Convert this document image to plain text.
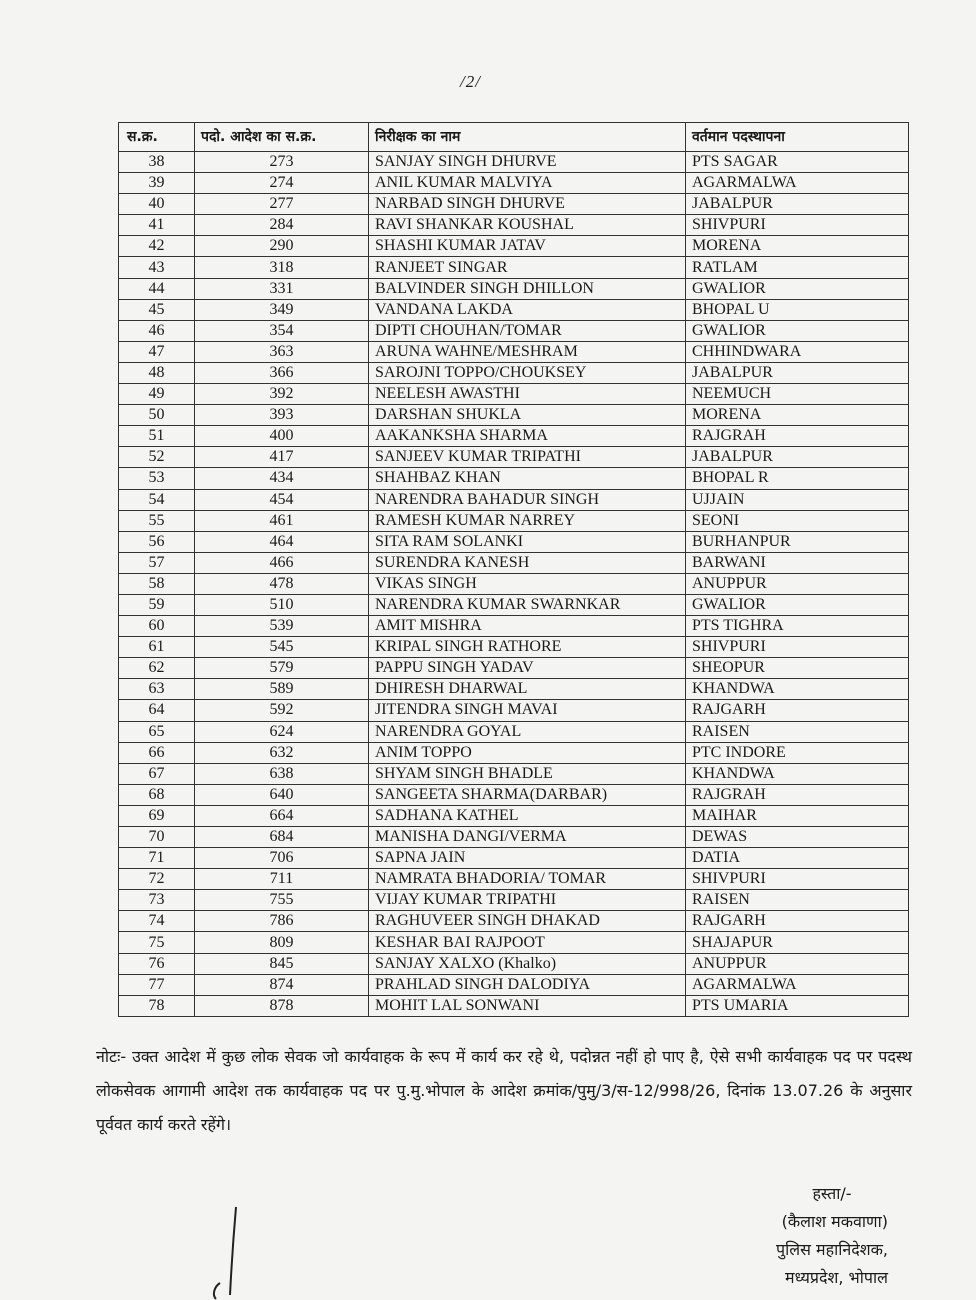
/2/
स.क्र.	पदो. आदेश का स.क्र.	निरीक्षक का नाम	वर्तमान पदस्थापना
38	273	SANJAY SINGH DHURVE	PTS SAGAR
39	274	ANIL KUMAR MALVIYA	AGARMALWA
40	277	NARBAD SINGH DHURVE	JABALPUR
41	284	RAVI SHANKAR KOUSHAL	SHIVPURI
42	290	SHASHI KUMAR JATAV	MORENA
43	318	RANJEET SINGAR	RATLAM
44	331	BALVINDER SINGH DHILLON	GWALIOR
45	349	VANDANA LAKDA	BHOPAL U
46	354	DIPTI CHOUHAN/TOMAR	GWALIOR
47	363	ARUNA WAHNE/MESHRAM	CHHINDWARA
48	366	SAROJNI TOPPO/CHOUKSEY	JABALPUR
49	392	NEELESH AWASTHI	NEEMUCH
50	393	DARSHAN SHUKLA	MORENA
51	400	AAKANKSHA SHARMA	RAJGRAH
52	417	SANJEEV KUMAR TRIPATHI	JABALPUR
53	434	SHAHBAZ KHAN	BHOPAL R
54	454	NARENDRA BAHADUR SINGH	UJJAIN
55	461	RAMESH KUMAR NARREY	SEONI
56	464	SITA RAM SOLANKI	BURHANPUR
57	466	SURENDRA KANESH	BARWANI
58	478	VIKAS SINGH	ANUPPUR
59	510	NARENDRA KUMAR SWARNKAR	GWALIOR
60	539	AMIT MISHRA	PTS TIGHRA
61	545	KRIPAL SINGH RATHORE	SHIVPURI
62	579	PAPPU SINGH YADAV	SHEOPUR
63	589	DHIRESH DHARWAL	KHANDWA
64	592	JITENDRA SINGH MAVAI	RAJGARH
65	624	NARENDRA GOYAL	RAISEN
66	632	ANIM TOPPO	PTC INDORE
67	638	SHYAM SINGH BHADLE	KHANDWA
68	640	SANGEETA SHARMA(DARBAR)	RAJGRAH
69	664	SADHANA KATHEL	MAIHAR
70	684	MANISHA DANGI/VERMA	DEWAS
71	706	SAPNA JAIN	DATIA
72	711	NAMRATA BHADORIA/ TOMAR	SHIVPURI
73	755	VIJAY KUMAR TRIPATHI	RAISEN
74	786	RAGHUVEER SINGH DHAKAD	RAJGARH
75	809	KESHAR BAI RAJPOOT	SHAJAPUR
76	845	SANJAY XALXO (Khalko)	ANUPPUR
77	874	PRAHLAD SINGH DALODIYA	AGARMALWA
78	878	MOHIT LAL SONWANI	PTS UMARIA
नोटः- उक्त आदेश में कुछ लोक सेवक जो कार्यवाहक के रूप में कार्य कर रहे थे, पदोन्नत नहीं हो पाए है, ऐसे सभी कार्यवाहक पद पर पदस्थ लोकसेवक आगामी आदेश तक कार्यवाहक पद पर पु.मु.भोपाल के आदेश क्रमांक/पुमु/3/स-12/998/26, दिनांक 13.07.26 के अनुसार पूर्ववत कार्य करते रहेंगे।
हस्ता/-
(कैलाश मकवाणा)
पुलिस महानिदेशक,
मध्यप्रदेश, भोपाल
